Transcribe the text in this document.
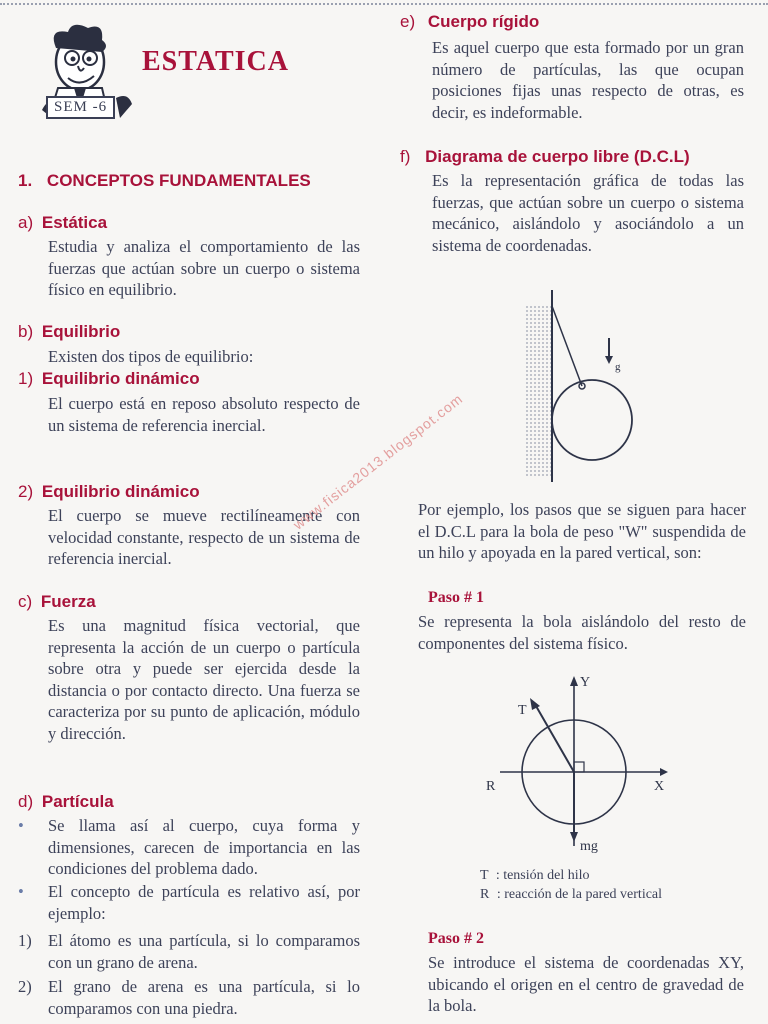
SEM -6
ESTATICA
1. CONCEPTOS FUNDAMENTALES
a) Estática
Estudia y analiza el comportamiento de las fuerzas que actúan sobre un cuerpo o sistema físico en equilibrio.
b) Equilibrio
Existen dos tipos de equilibrio:
1) Equilibrio dinámico
El cuerpo está en reposo absoluto respecto de un sistema de referencia inercial.
2) Equilibrio dinámico
El cuerpo se mueve rectilíneamente con velocidad constante, respecto de un sistema de referencia inercial.
c) Fuerza
Es una magnitud física vectorial, que representa la acción de un cuerpo o partícula sobre otra y puede ser ejercida desde la distancia o por contacto directo. Una fuerza se caracteriza por su punto de aplicación, módulo y dirección.
d) Partícula
• Se llama así al cuerpo, cuya forma y dimensiones, carecen de importancia en las condiciones del problema dado.
• El concepto de partícula es relativo así, por ejemplo:
1) El átomo es una partícula, si lo comparamos con un grano de arena.
2) El grano de arena es una partícula, si lo comparamos con una piedra.
www.fisica2013.blogspot.com
e) Cuerpo rígido
Es aquel cuerpo que esta formado por un gran número de partículas, las que ocupan posiciones fijas unas respecto de otras, es decir, es indeformable.
f) Diagrama de cuerpo libre (D.C.L)
Es la representación gráfica de todas las fuerzas, que actúan sobre un cuerpo o sistema mecánico, aislándolo y asociándolo a un sistema de coordenadas.
g
Por ejemplo, los pasos que se siguen para hacer el D.C.L para la bola de peso "W" suspendida de un hilo y apoyada en la pared vertical, son:
Paso # 1
Se representa la bola aislándolo del resto de componentes del sistema físico.
Y
X
T
R
mg
T : tensión del hilo
R : reacción de la pared vertical
Paso # 2
Se introduce el sistema de coordenadas XY, ubicando el origen en el centro de gravedad de la bola.
